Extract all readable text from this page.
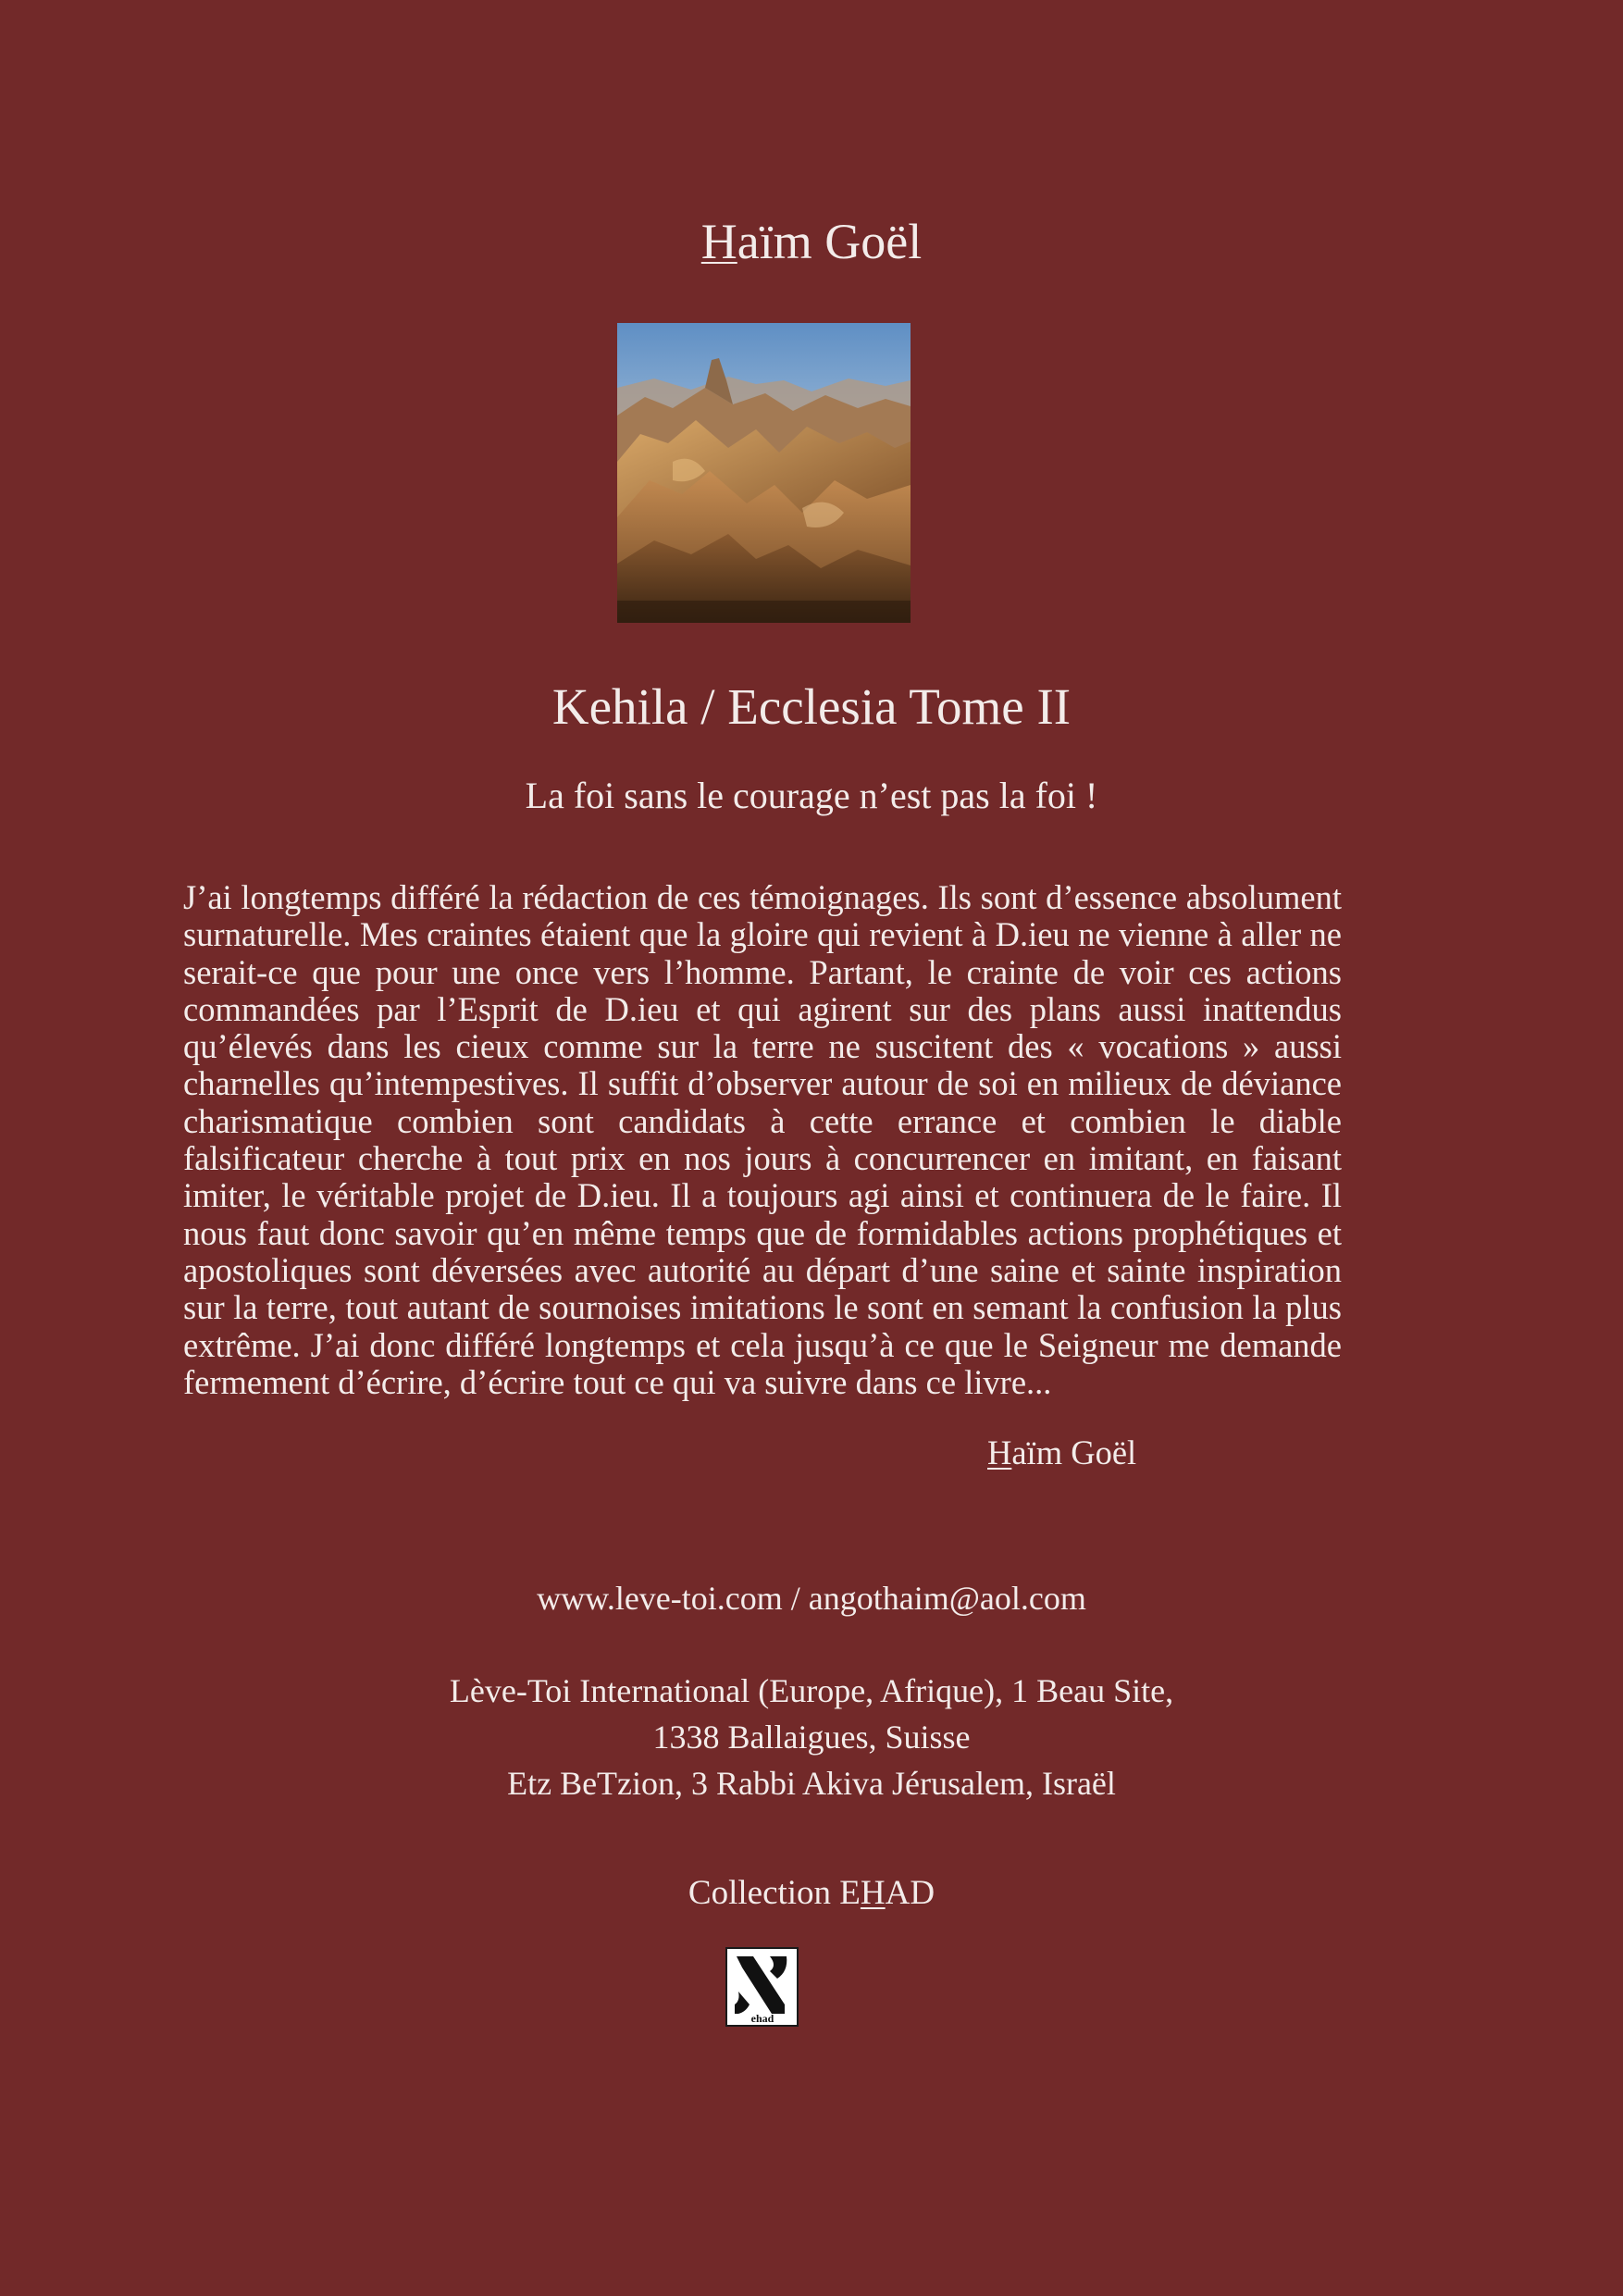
Haïm Goël
Kehila / Ecclesia Tome II
La foi sans le courage n’est pas la foi !
J’ai longtemps différé la rédaction de ces témoignages. Ils sont d’essence absolument surnaturelle. Mes craintes étaient que la gloire qui revient à D.ieu ne vienne à aller ne serait-ce que pour une once vers l’homme. Partant, le crainte de voir ces actions commandées par l’Esprit de D.ieu et qui agirent sur des plans aussi inattendus qu’élevés dans les cieux comme sur la terre ne suscitent des « vocations » aussi charnelles qu’intempestives. Il suffit d’observer autour de soi en milieux de déviance charismatique combien sont candidats à cette errance et combien le diable falsificateur cherche à tout prix en nos jours à concurrencer en imitant, en faisant imiter, le véritable projet de D.ieu. Il a toujours agi ainsi et continuera de le faire. Il nous faut donc savoir qu’en même temps que de formidables actions prophétiques et apostoliques sont déversées avec autorité au départ d’une saine et sainte inspiration sur la terre, tout autant de sournoises imitations le sont en semant la confusion la plus extrême. J’ai donc différé longtemps et cela jusqu’à ce que le Seigneur me demande fermement d’écrire, d’écrire tout ce qui va suivre dans ce livre...
Haïm Goël
www.leve-toi.com / angothaim@aol.com
Lève-Toi International (Europe, Afrique), 1 Beau Site,
1338 Ballaigues, Suisse
Etz BeTzion, 3 Rabbi Akiva Jérusalem, Israël
Collection EHAD
ehad
